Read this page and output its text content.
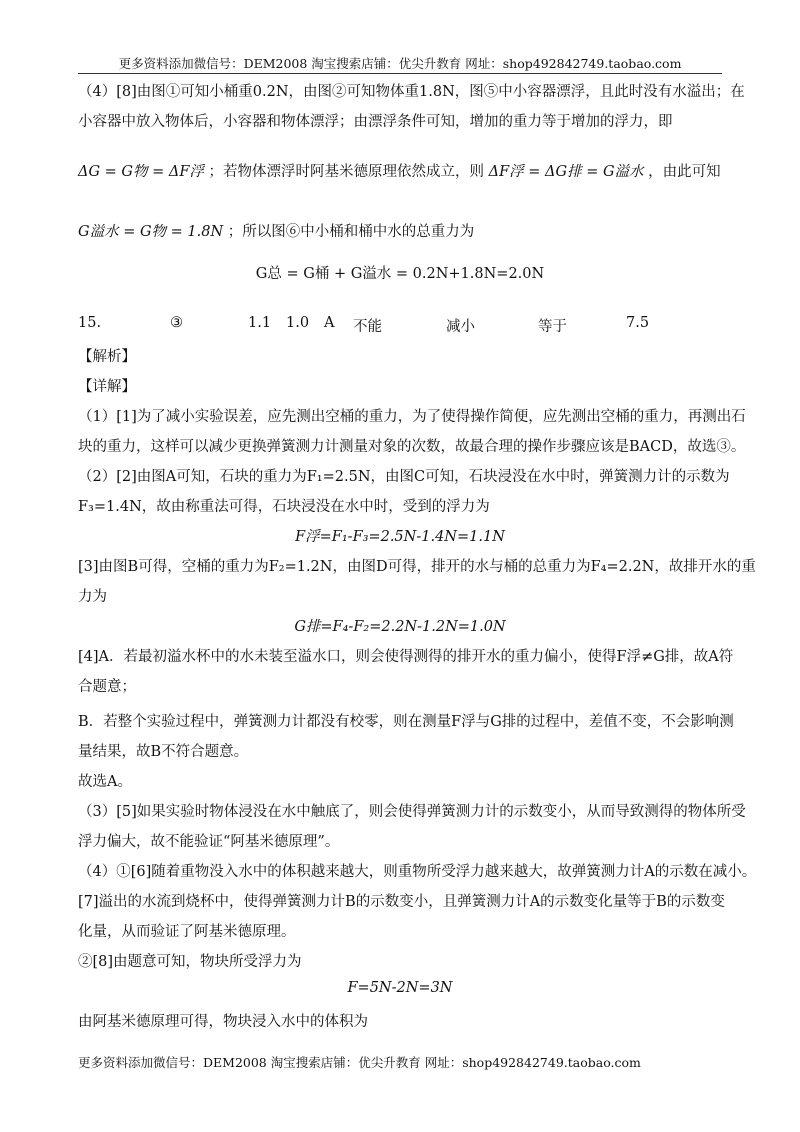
更多资料添加微信号：DEM2008 淘宝搜索店铺：优尖升教育 网址：shop492842749.taobao.com
（4）[8]由图①可知小桶重0.2N，由图②可知物体重1.8N，图⑤中小容器漂浮，且此时没有水溢出；在
小容器中放入物体后，小容器和物体漂浮；由漂浮条件可知，增加的重力等于增加的浮力，即
ΔG = G物 = ΔF浮 ；若物体漂浮时阿基米德原理依然成立，则 ΔF浮 = ΔG排 = G溢水 ，由此可知
G溢水 = G物 = 1.8N ；所以图⑥中小桶和桶中水的总重力为
G总 = G桶 + G溢水 = 0.2N+1.8N=2.0N
15.	③	1.1 1.0 A 不能	减小	等于	7.5
【解析】
【详解】
（1）[1]为了减小实验误差，应先测出空桶的重力，为了使得操作简便，应先测出空桶的重力，再测出石
块的重力，这样可以减少更换弹簧测力计测量对象的次数，故最合理的操作步骤应该是BACD，故选③。
（2）[2]由图A可知，石块的重力为F₁=2.5N，由图C可知，石块浸没在水中时，弹簧测力计的示数为
F₃=1.4N，故由称重法可得，石块浸没在水中时，受到的浮力为
F浮=F₁-F₃=2.5N-1.4N=1.1N
[3]由图B可得，空桶的重力为F₂=1.2N，由图D可得，排开的水与桶的总重力为F₄=2.2N，故排开水的重
力为
G排=F₄-F₂=2.2N-1.2N=1.0N
[4]A．若最初溢水杯中的水未装至溢水口，则会使得测得的排开水的重力偏小，使得F浮≠G排，故A符
合题意；
B．若整个实验过程中，弹簧测力计都没有校零，则在测量F浮与G排的过程中，差值不变，不会影响测
量结果，故B不符合题意。
故选A。
（3）[5]如果实验时物体浸没在水中触底了，则会使得弹簧测力计的示数变小，从而导致测得的物体所受
浮力偏大，故不能验证“阿基米德原理”。
（4）①[6]随着重物没入水中的体积越来越大，则重物所受浮力越来越大，故弹簧测力计A的示数在减小。
[7]溢出的水流到烧杯中，使得弹簧测力计B的示数变小，且弹簧测力计A的示数变化量等于B的示数变
化量，从而验证了阿基米德原理。
②[8]由题意可知，物块所受浮力为
F=5N-2N=3N
由阿基米德原理可得，物块浸入水中的体积为
更多资料添加微信号：DEM2008 淘宝搜索店铺：优尖升教育 网址：shop492842749.taobao.com
